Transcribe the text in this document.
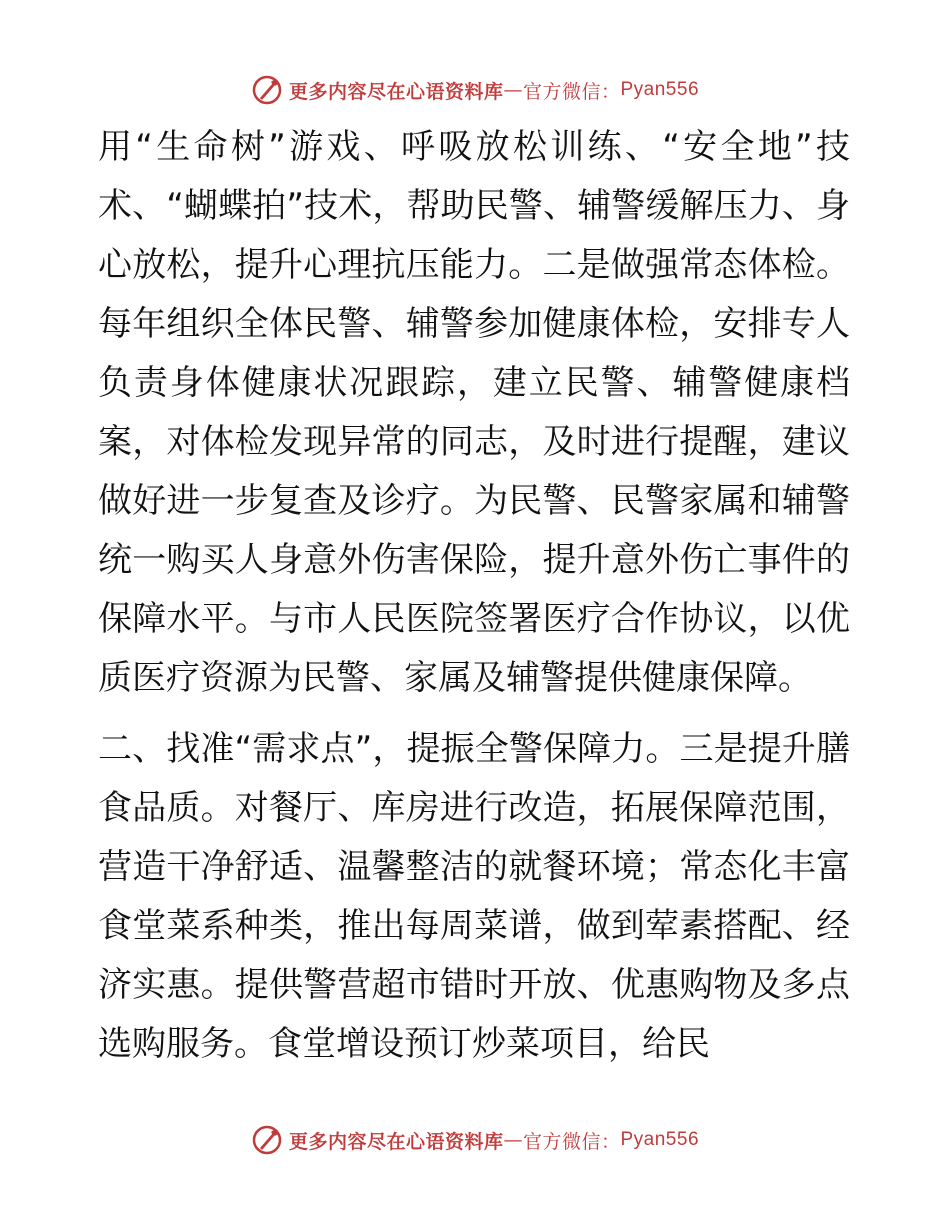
更多内容尽在心语资料库 — 官方微信： Pyan556

用“生命树”游戏、呼吸放松训练、“安全地”技术、“蝴蝶拍”技术，帮助民警、辅警缓解压力、身心放松，提升心理抗压能力。二是做强常态体检。每年组织全体民警、辅警参加健康体检，安排专人负责身体健康状况跟踪，建立民警、辅警健康档案，对体检发现异常的同志，及时进行提醒，建议做好进一步复查及诊疗。为民警、民警家属和辅警统一购买人身意外伤害保险，提升意外伤亡事件的保障水平。与市人民医院签署医疗合作协议，以优质医疗资源为民警、家属及辅警提供健康保障。

二、找准“需求点”，提振全警保障力。三是提升膳食品质。对餐厅、库房进行改造，拓展保障范围，营造干净舒适、温馨整洁的就餐环境；常态化丰富食堂菜系种类，推出每周菜谱，做到荤素搭配、经济实惠。提供警营超市错时开放、优惠购物及多点选购服务。食堂增设预订炒菜项目，给民

更多内容尽在心语资料库 — 官方微信： Pyan556
